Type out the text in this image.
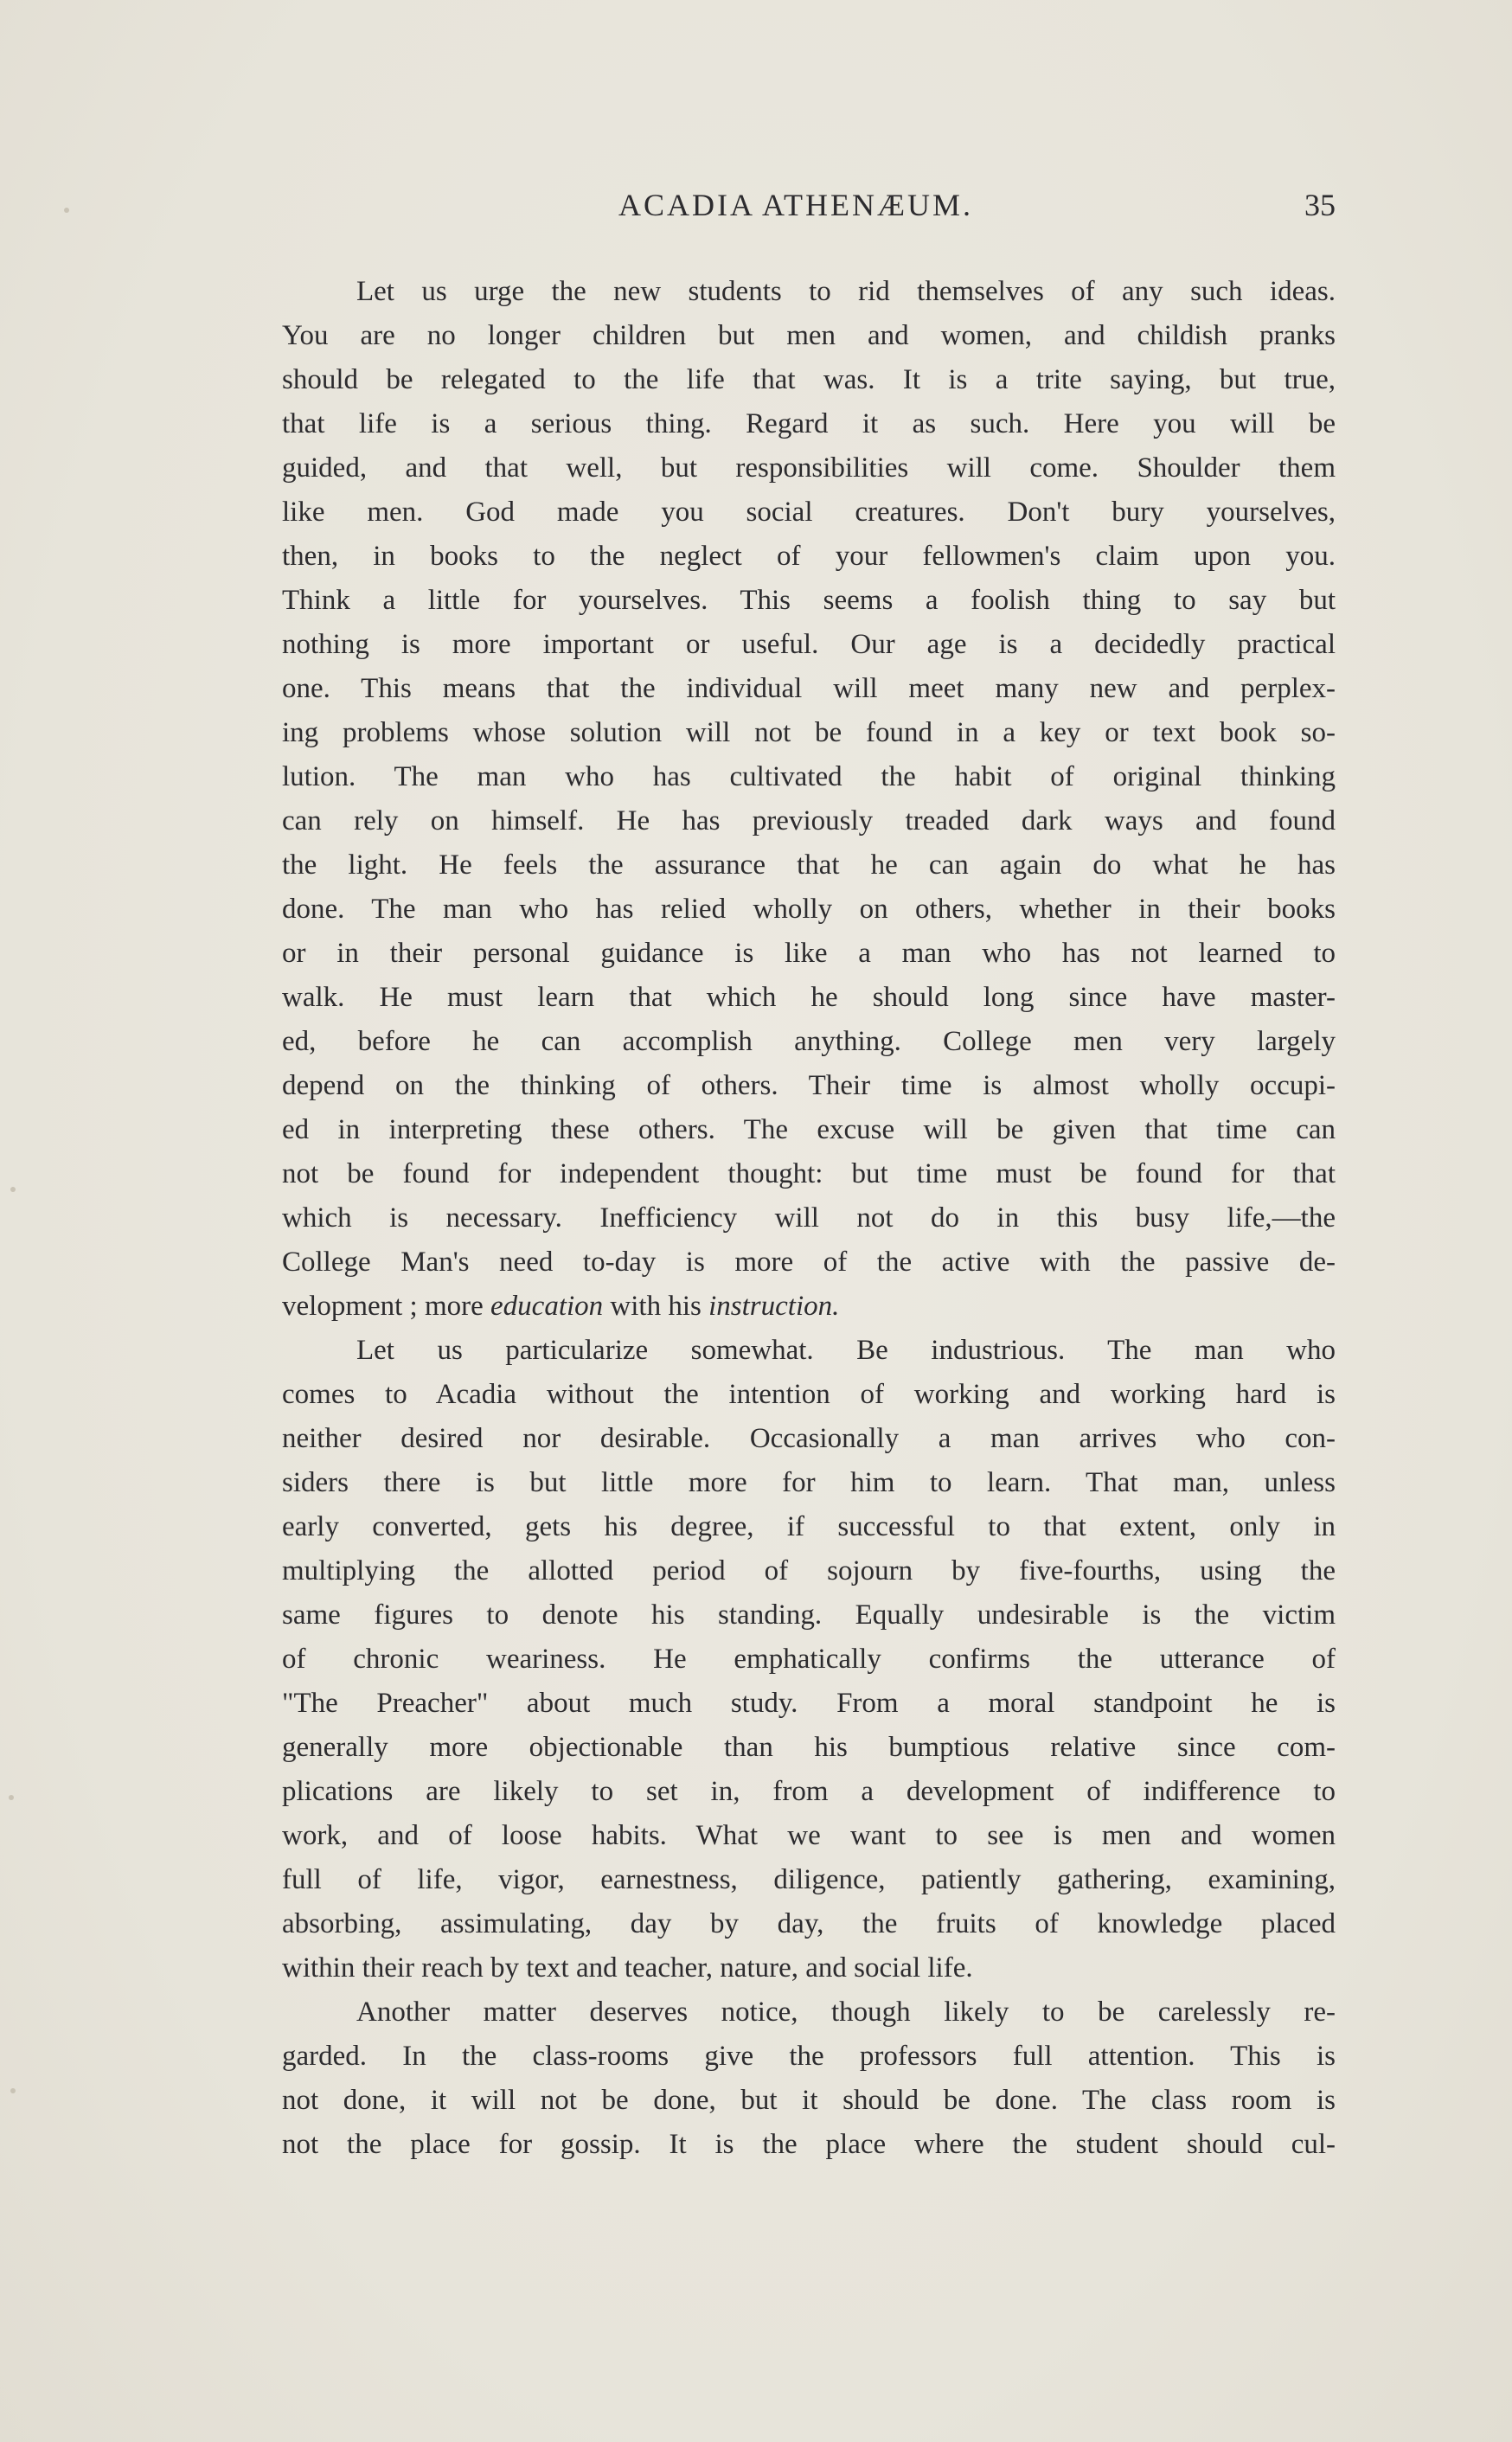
ACADIA ATHENÆUM.	35
Let us urge the new students to rid themselves of any such ideas.
You are no longer children but men and women, and childish pranks
should be relegated to the life that was. It is a trite saying, but true,
that life is a serious thing. Regard it as such. Here you will be
guided, and that well, but responsibilities will come. Shoulder them
like men. God made you social creatures. Don't bury yourselves,
then, in books to the neglect of your fellowmen's claim upon you.
Think a little for yourselves. This seems a foolish thing to say but
nothing is more important or useful. Our age is a decidedly practical
one. This means that the individual will meet many new and perplex-
ing problems whose solution will not be found in a key or text book so-
lution. The man who has cultivated the habit of original thinking
can rely on himself. He has previously treaded dark ways and found
the light. He feels the assurance that he can again do what he has
done. The man who has relied wholly on others, whether in their books
or in their personal guidance is like a man who has not learned to
walk. He must learn that which he should long since have master-
ed, before he can accomplish anything. College men very largely
depend on the thinking of others. Their time is almost wholly occupi-
ed in interpreting these others. The excuse will be given that time can
not be found for independent thought: but time must be found for that
which is necessary. Inefficiency will not do in this busy life,—the
College Man's need to-day is more of the active with the passive de-
velopment ; more education with his instruction.
Let us particularize somewhat. Be industrious. The man who
comes to Acadia without the intention of working and working hard is
neither desired nor desirable. Occasionally a man arrives who con-
siders there is but little more for him to learn. That man, unless
early converted, gets his degree, if successful to that extent, only in
multiplying the allotted period of sojourn by five-fourths, using the
same figures to denote his standing. Equally undesirable is the victim
of chronic weariness. He emphatically confirms the utterance of
"The Preacher" about much study. From a moral standpoint he is
generally more objectionable than his bumptious relative since com-
plications are likely to set in, from a development of indifference to
work, and of loose habits. What we want to see is men and women
full of life, vigor, earnestness, diligence, patiently gathering, examining,
absorbing, assimulating, day by day, the fruits of knowledge placed
within their reach by text and teacher, nature, and social life.
Another matter deserves notice, though likely to be carelessly re-
garded. In the class-rooms give the professors full attention. This is
not done, it will not be done, but it should be done. The class room is
not the place for gossip. It is the place where the student should cul-
